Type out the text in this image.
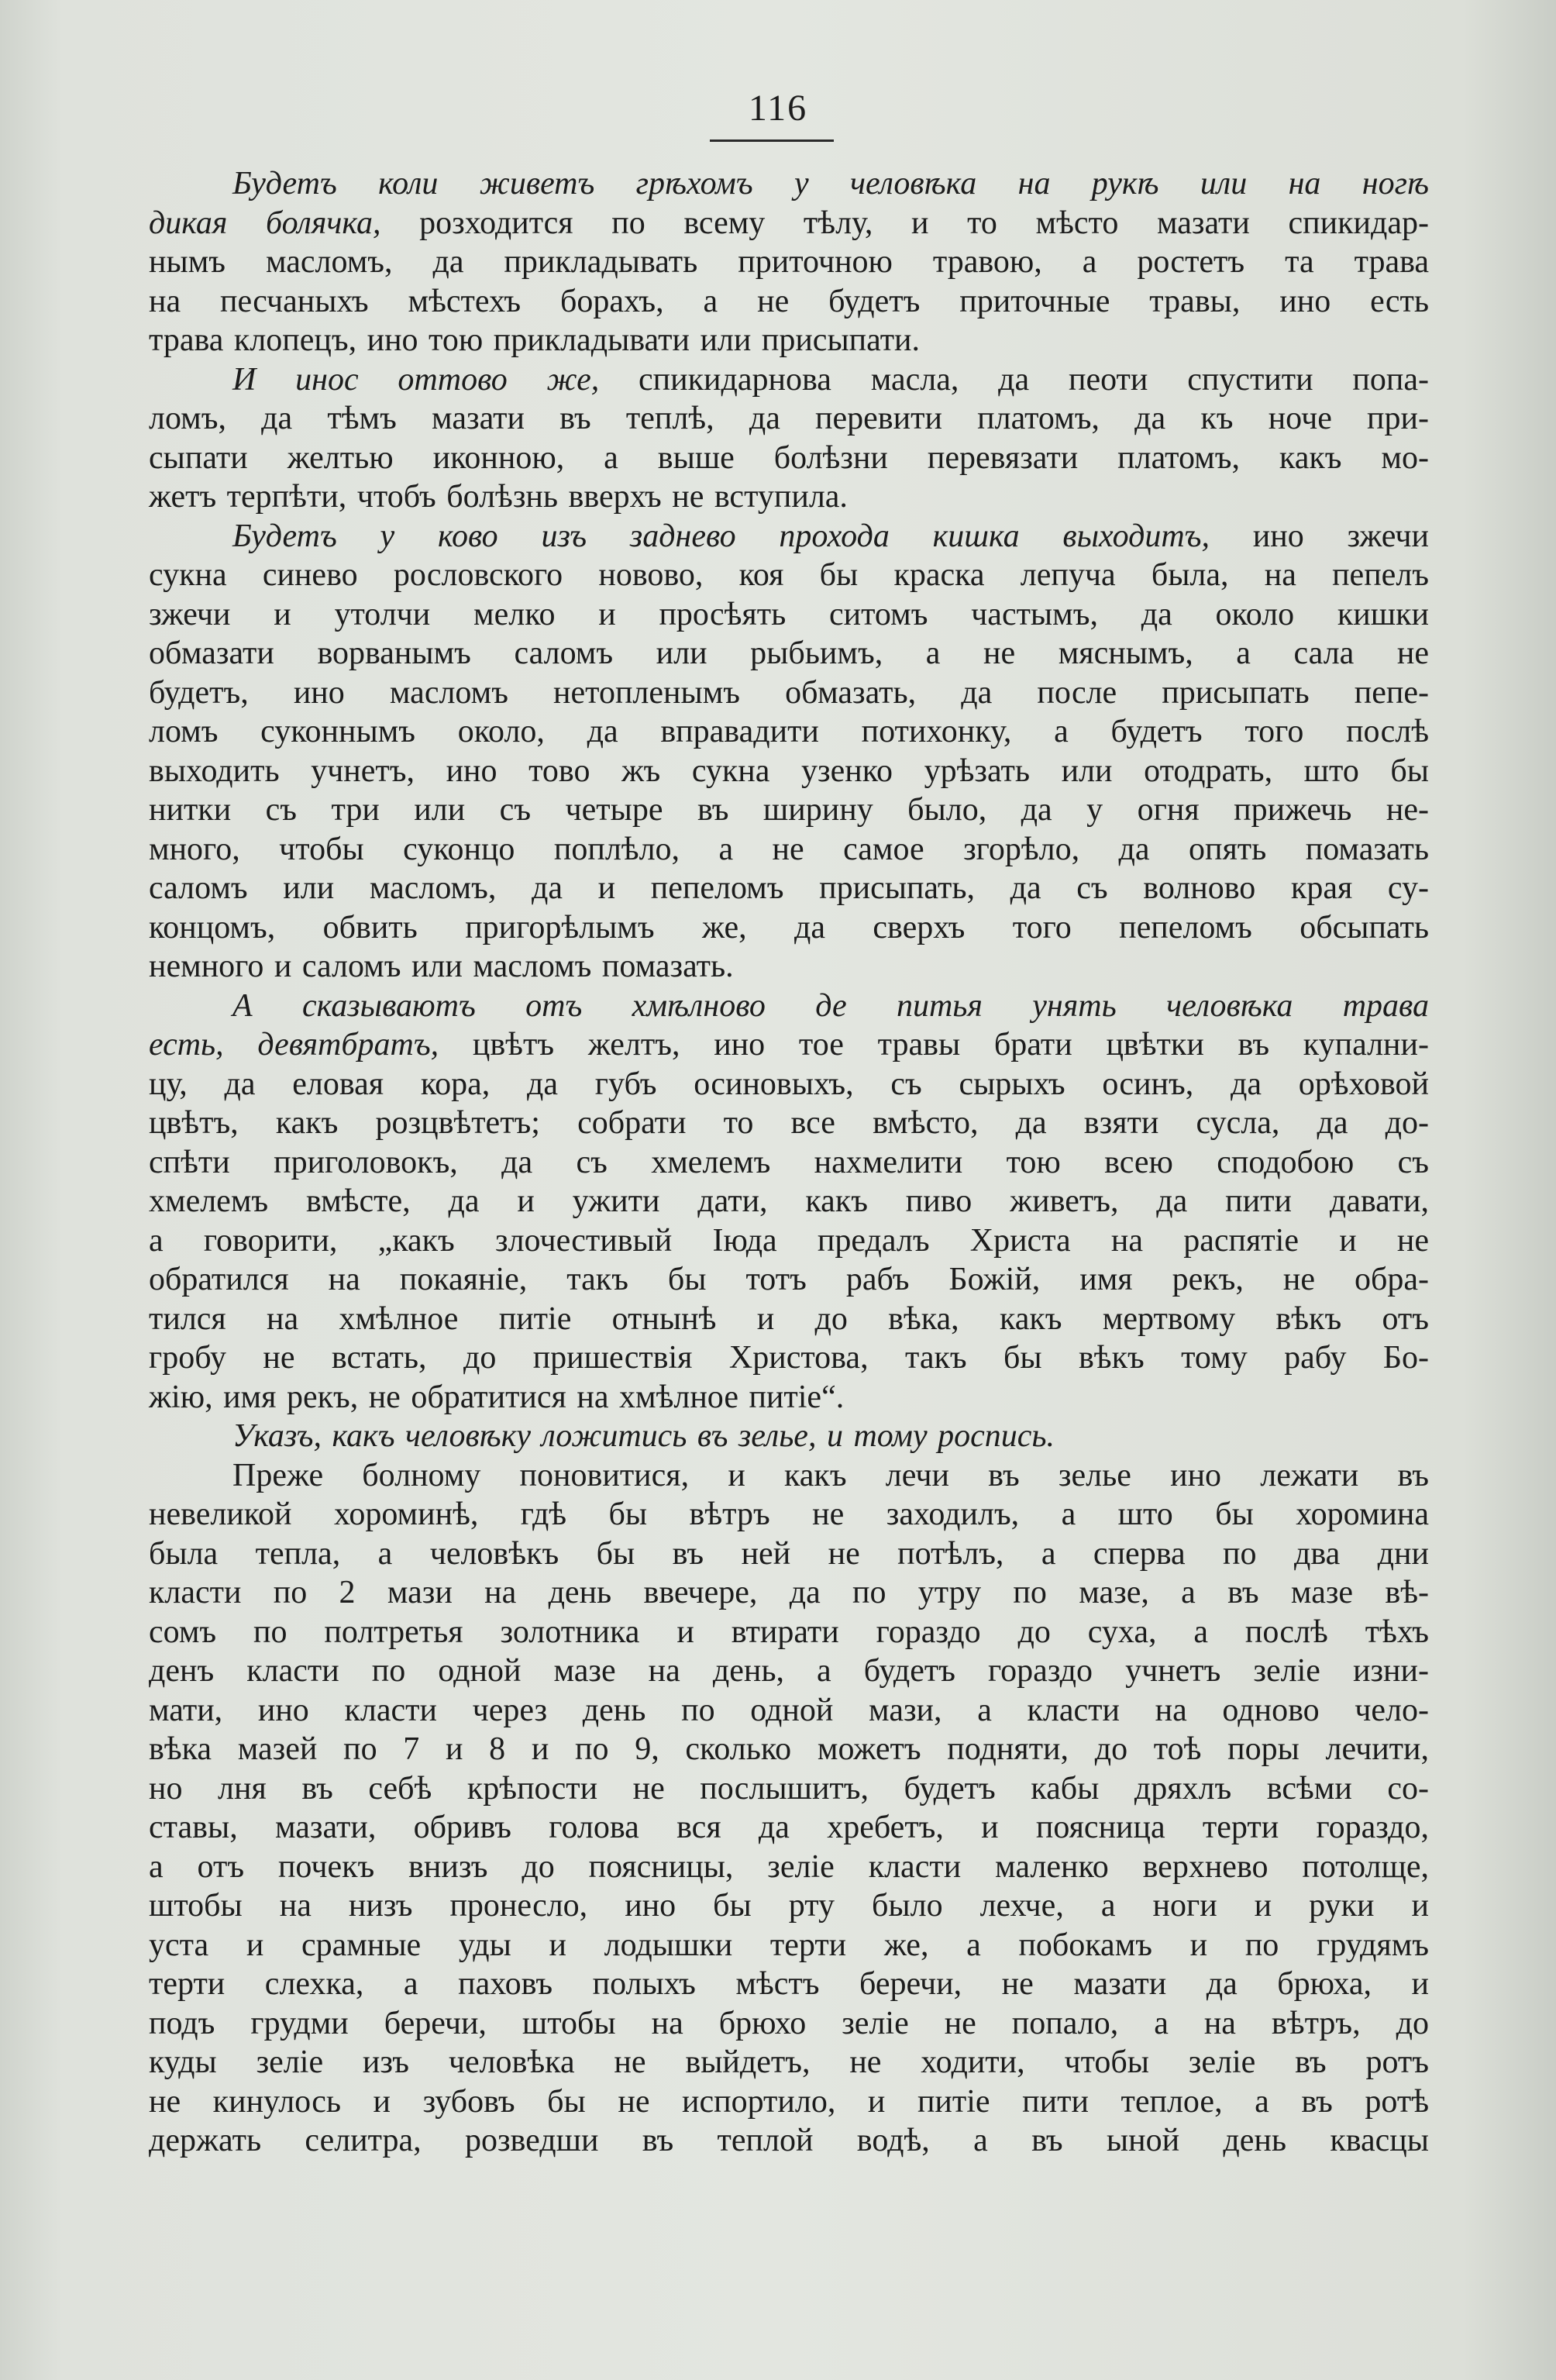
116
Будетъ коли живетъ грѣхомъ у человѣка на рукѣ или на ногѣ
дикая болячка, розходится по всему тѣлу, и то мѣсто мазати спикидар-
нымъ масломъ, да прикладывать приточною травою, а ростетъ та трава
на песчаныхъ мѣстехъ борахъ, а не будетъ приточные травы, ино есть
трава клопецъ, ино тою прикладывати или присыпати.
И инос оттово же, спикидарнова масла, да пеоти спустити попа-
ломъ, да тѣмъ мазати въ теплѣ, да перевити платомъ, да къ ноче при-
сыпати желтью иконною, а выше болѣзни перевязати платомъ, какъ мо-
жетъ терпѣти, чтобъ болѣзнь вверхъ не вступила.
Будетъ у ково изъ заднево прохода кишка выходитъ, ино зжечи
сукна синево рословского новово, коя бы краска лепуча была, на пепелъ
зжечи и утолчи мелко и просѣять ситомъ частымъ, да около кишки
обмазати ворванымъ саломъ или рыбьимъ, а не мяснымъ, а сала не
будетъ, ино масломъ нетопленымъ обмазать, да после присыпать пепе-
ломъ суконнымъ около, да вправадити потихонку, а будетъ того послѣ
выходить учнетъ, ино тово жъ сукна узенко урѣзать или отодрать, што бы
нитки съ три или съ четыре въ ширину было, да у огня прижечь не-
много, чтобы суконцо поплѣло, а не самое згорѣло, да опять помазать
саломъ или масломъ, да и пепеломъ присыпать, да съ волново края су-
концомъ, обвить пригорѣлымъ же, да сверхъ того пепеломъ обсыпать
немного и саломъ или масломъ помазать.
А сказываютъ отъ хмѣлново де питья унять человѣка трава
есть, девятбратъ, цвѣтъ желтъ, ино тое травы брати цвѣтки въ купални-
цу, да еловая кора, да губъ осиновыхъ, съ сырыхъ осинъ, да орѣховой
цвѣтъ, какъ розцвѣтетъ; собрати то все вмѣсто, да взяти сусла, да до-
спѣти приголовокъ, да съ хмелемъ нахмелити тою всею сподобою съ
хмелемъ вмѣсте, да и ужити дати, какъ пиво живетъ, да пити давати,
а говорити, „какъ злочестивый Іюда предалъ Христа на распятіе и не
обратился на покаяніе, такъ бы тотъ рабъ Божій, имя рекъ, не обра-
тился на хмѣлное питіе отнынѣ и до вѣка, какъ мертвому вѣкъ отъ
гробу не встать, до пришествія Христова, такъ бы вѣкъ тому рабу Бо-
жію, имя рекъ, не обратитися на хмѣлное питіе“.
Указъ, какъ человѣку ложитись въ зелье, и тому роспись.
Преже болному поновитися, и какъ лечи въ зелье ино лежати въ
невеликой хороминѣ, гдѣ бы вѣтръ не заходилъ, а што бы хоромина
была тепла, а человѣкъ бы въ ней не потѣлъ, а сперва по два дни
класти по 2 мази на день ввечере, да по утру по мазе, а въ мазе вѣ-
сомъ по полтретья золотника и втирати гораздо до суха, а послѣ тѣхъ
денъ класти по одной мазе на день, а будетъ гораздо учнетъ зеліе изни-
мати, ино класти через день по одной мази, а класти на одново чело-
вѣка мазей по 7 и 8 и по 9, сколько можетъ подняти, до тоѣ поры лечити,
но лня въ себѣ крѣпости не послышитъ, будетъ кабы дряхлъ всѣми со-
ставы, мазати, обривъ голова вся да хребетъ, и поясница терти гораздо,
а отъ почекъ внизъ до поясницы, зеліе класти маленко верхнево потолще,
штобы на низъ пронесло, ино бы рту было лехче, а ноги и руки и
уста и срамные уды и лодышки терти же, а побокамъ и по грудямъ
терти слехка, а паховъ полыхъ мѣстъ беречи, не мазати да брюха, и
подъ грудми беречи, штобы на брюхо зеліе не попало, а на вѣтръ, до
куды зеліе изъ человѣка не выйдетъ, не ходити, чтобы зеліе въ ротъ
не кинулось и зубовъ бы не испортило, и питіе пити теплое, а въ ротѣ
держать селитра, розведши въ теплой водѣ, а въ ыной день квасцы
